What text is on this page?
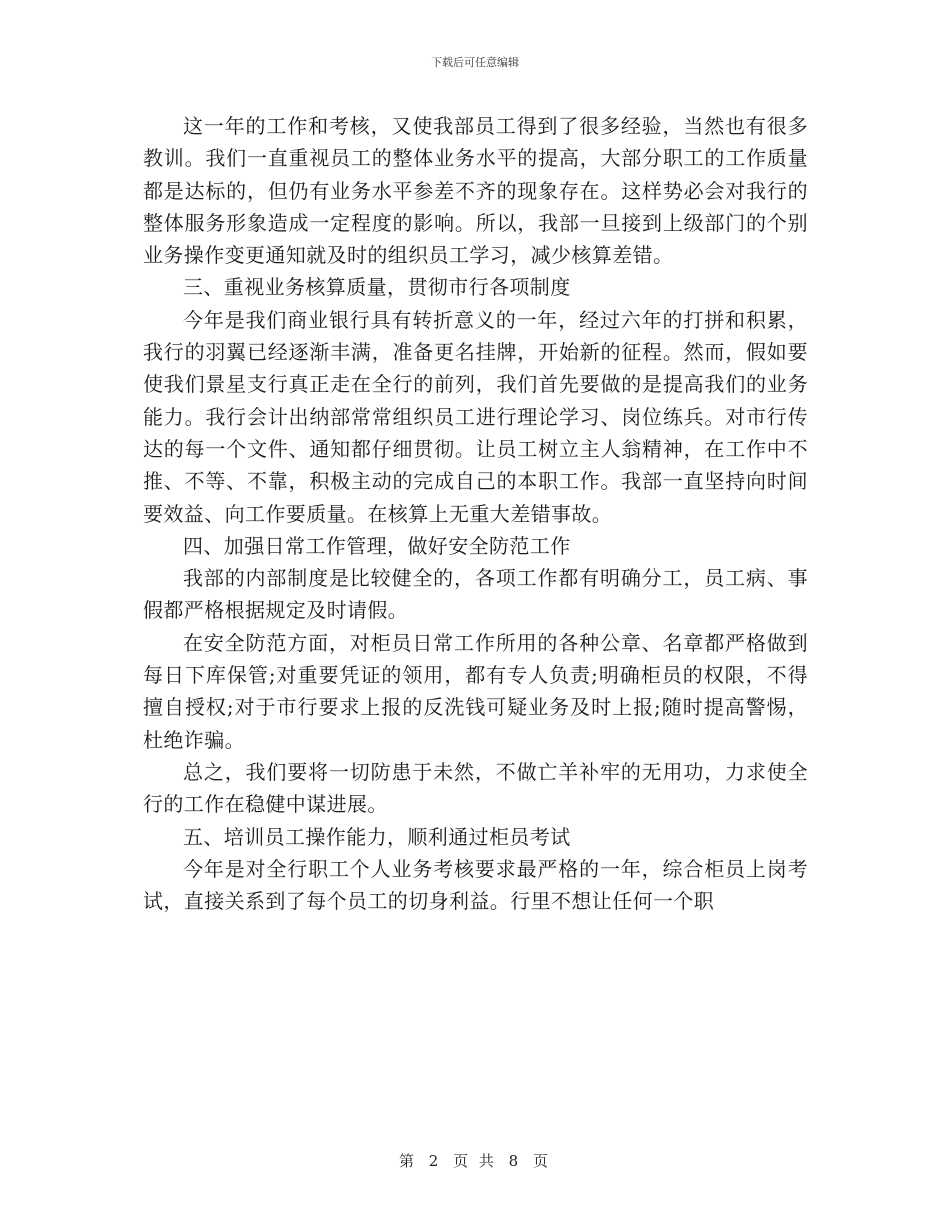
下载后可任意编辑

这一年的工作和考核，又使我部员工得到了很多经验，当然也有很多教训。我们一直重视员工的整体业务水平的提高，大部分职工的工作质量都是达标的，但仍有业务水平参差不齐的现象存在。这样势必会对我行的整体服务形象造成一定程度的影响。所以，我部一旦接到上级部门的个别业务操作变更通知就及时的组织员工学习，减少核算差错。

三、重视业务核算质量，贯彻市行各项制度

今年是我们商业银行具有转折意义的一年，经过六年的打拼和积累，我行的羽翼已经逐渐丰满，准备更名挂牌，开始新的征程。然而，假如要使我们景星支行真正走在全行的前列，我们首先要做的是提高我们的业务能力。我行会计出纳部常常组织员工进行理论学习、岗位练兵。对市行传达的每一个文件、通知都仔细贯彻。让员工树立主人翁精神，在工作中不推、不等、不靠，积极主动的完成自己的本职工作。我部一直坚持向时间要效益、向工作要质量。在核算上无重大差错事故。

四、加强日常工作管理，做好安全防范工作

我部的内部制度是比较健全的，各项工作都有明确分工，员工病、事假都严格根据规定及时请假。

在安全防范方面，对柜员日常工作所用的各种公章、名章都严格做到每日下库保管;对重要凭证的领用，都有专人负责;明确柜员的权限，不得擅自授权;对于市行要求上报的反洗钱可疑业务及时上报;随时提高警惕，杜绝诈骗。

总之，我们要将一切防患于未然，不做亡羊补牢的无用功，力求使全行的工作在稳健中谋进展。

五、培训员工操作能力，顺利通过柜员考试

今年是对全行职工个人业务考核要求最严格的一年，综合柜员上岗考试，直接关系到了每个员工的切身利益。行里不想让任何一个职

第 2 页 共 8 页
